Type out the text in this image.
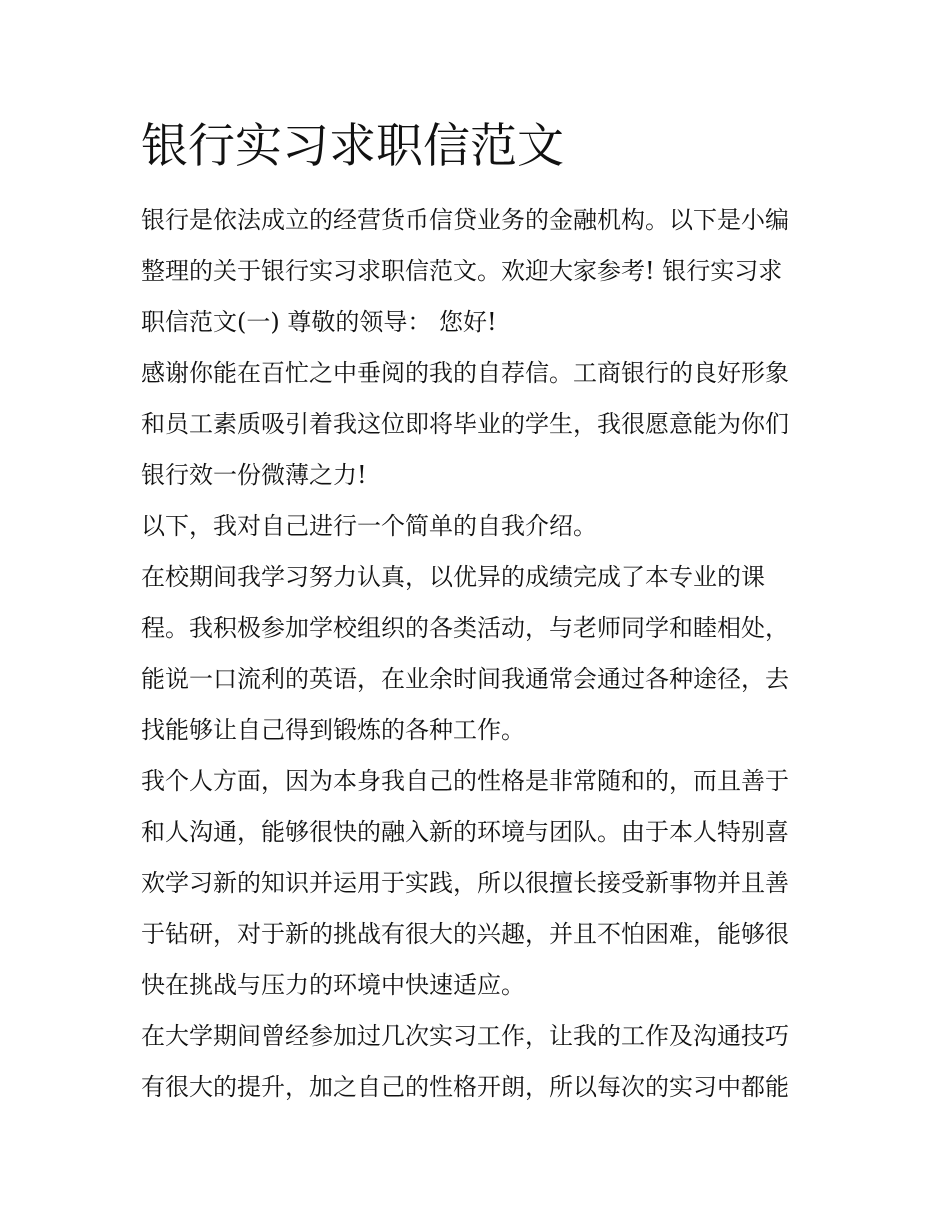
银行实习求职信范文

银行是依法成立的经营货币信贷业务的金融机构。以下是小编
整理的关于银行实习求职信范文。欢迎大家参考! 银行实习求
职信范文(一) 尊敬的领导： 您好!

感谢你能在百忙之中垂阅的我的自荐信。工商银行的良好形象
和员工素质吸引着我这位即将毕业的学生，我很愿意能为你们
银行效一份微薄之力!

以下，我对自己进行一个简单的自我介绍。

在校期间我学习努力认真，以优异的成绩完成了本专业的课
程。我积极参加学校组织的各类活动，与老师同学和睦相处，
能说一口流利的英语，在业余时间我通常会通过各种途径，去
找能够让自己得到锻炼的各种工作。

我个人方面，因为本身我自己的性格是非常随和的，而且善于
和人沟通，能够很快的融入新的环境与团队。由于本人特别喜
欢学习新的知识并运用于实践，所以很擅长接受新事物并且善
于钻研，对于新的挑战有很大的兴趣，并且不怕困难，能够很
快在挑战与压力的环境中快速适应。

在大学期间曾经参加过几次实习工作，让我的工作及沟通技巧
有很大的提升，加之自己的性格开朗，所以每次的实习中都能
